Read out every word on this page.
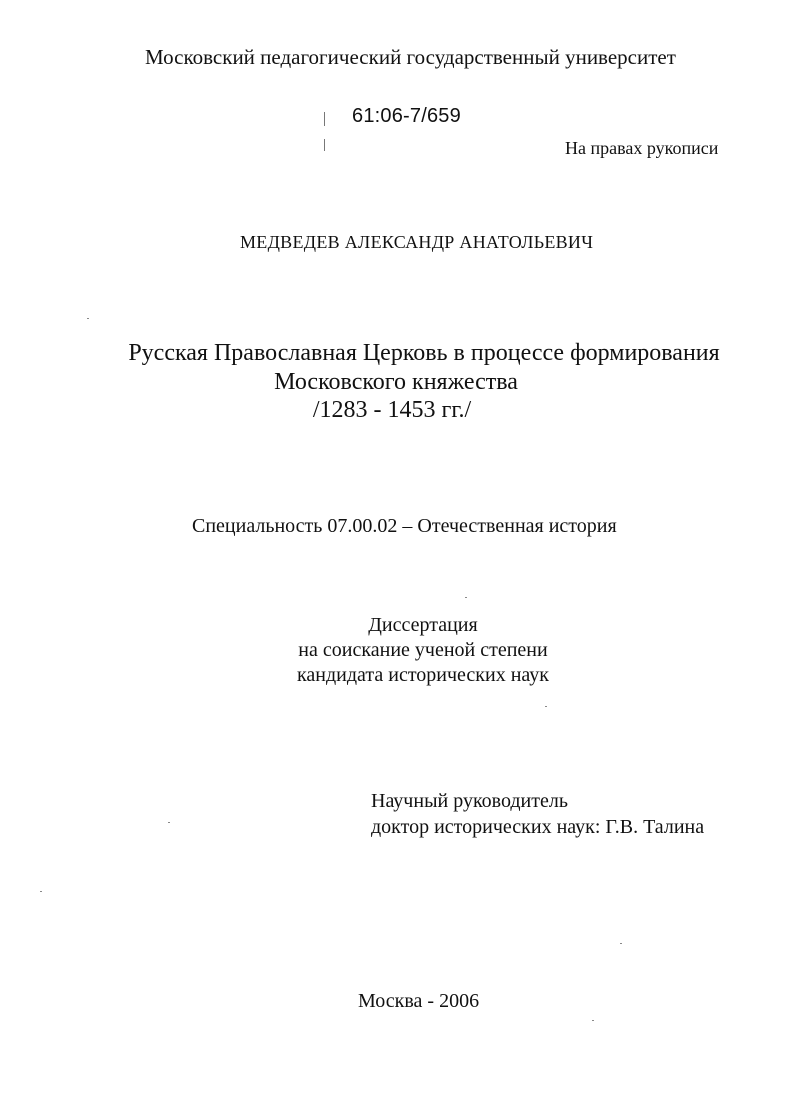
Московский педагогический государственный университет
61:06-7/659
На правах рукописи
МЕДВЕДЕВ АЛЕКСАНДР АНАТОЛЬЕВИЧ
Русская Православная Церковь в процессе формирования
Московского княжества
/1283 - 1453 гг./
Специальность 07.00.02 – Отечественная история
Диссертация
на соискание ученой степени
кандидата исторических наук
Научный руководитель
доктор исторических наук: Г.В. Талина
Москва - 2006
